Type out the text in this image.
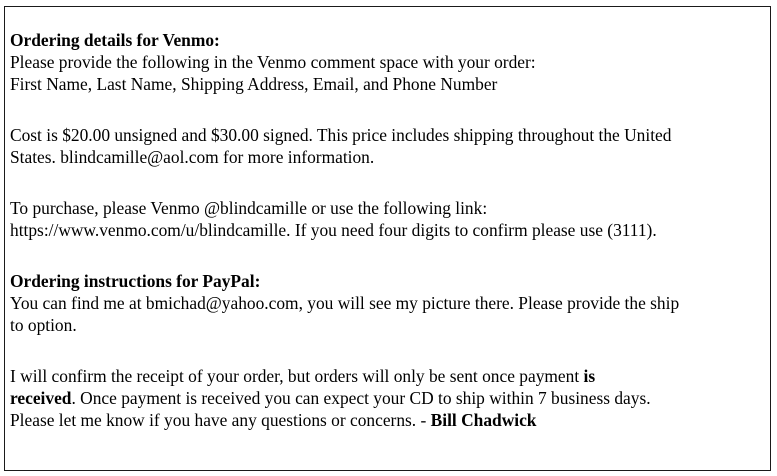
Ordering details for Venmo:

Please provide the following in the Venmo comment space with your order:

First Name, Last Name, Shipping Address, Email, and Phone Number

Cost is $20.00 unsigned and $30.00 signed. This price includes shipping throughout the United

States. blindcamille@aol.com for more information.

To purchase, please Venmo @blindcamille or use the following link:

https://www.venmo.com/u/blindcamille. If you need four digits to confirm please use (3111).

Ordering instructions for PayPal:

You can find me at bmichad@yahoo.com, you will see my picture there. Please provide the ship

to option.

I will confirm the receipt of your order, but orders will only be sent once payment is

received. Once payment is received you can expect your CD to ship within 7 business days.

Please let me know if you have any questions or concerns. - Bill Chadwick
